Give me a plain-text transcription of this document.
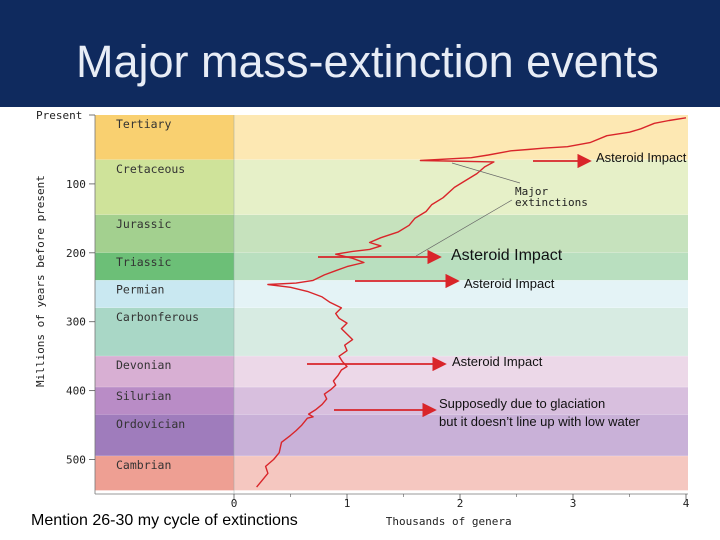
Major mass-extinction events
Tertiary
Cretaceous
Jurassic
Triassic
Permian
Carbonferous
Devonian
Silurian
Ordovician
Cambrian
Present
100
200
300
400
500
Millions of years before present
0	1	2	3	4
Thousands of genera
Major
extinctions
Asteroid Impact
Asteroid Impact
Asteroid Impact
Asteroid Impact
Supposedly due to glaciation
but it doesn’t line up with low water
Mention 26-30 my cycle of extinctions
